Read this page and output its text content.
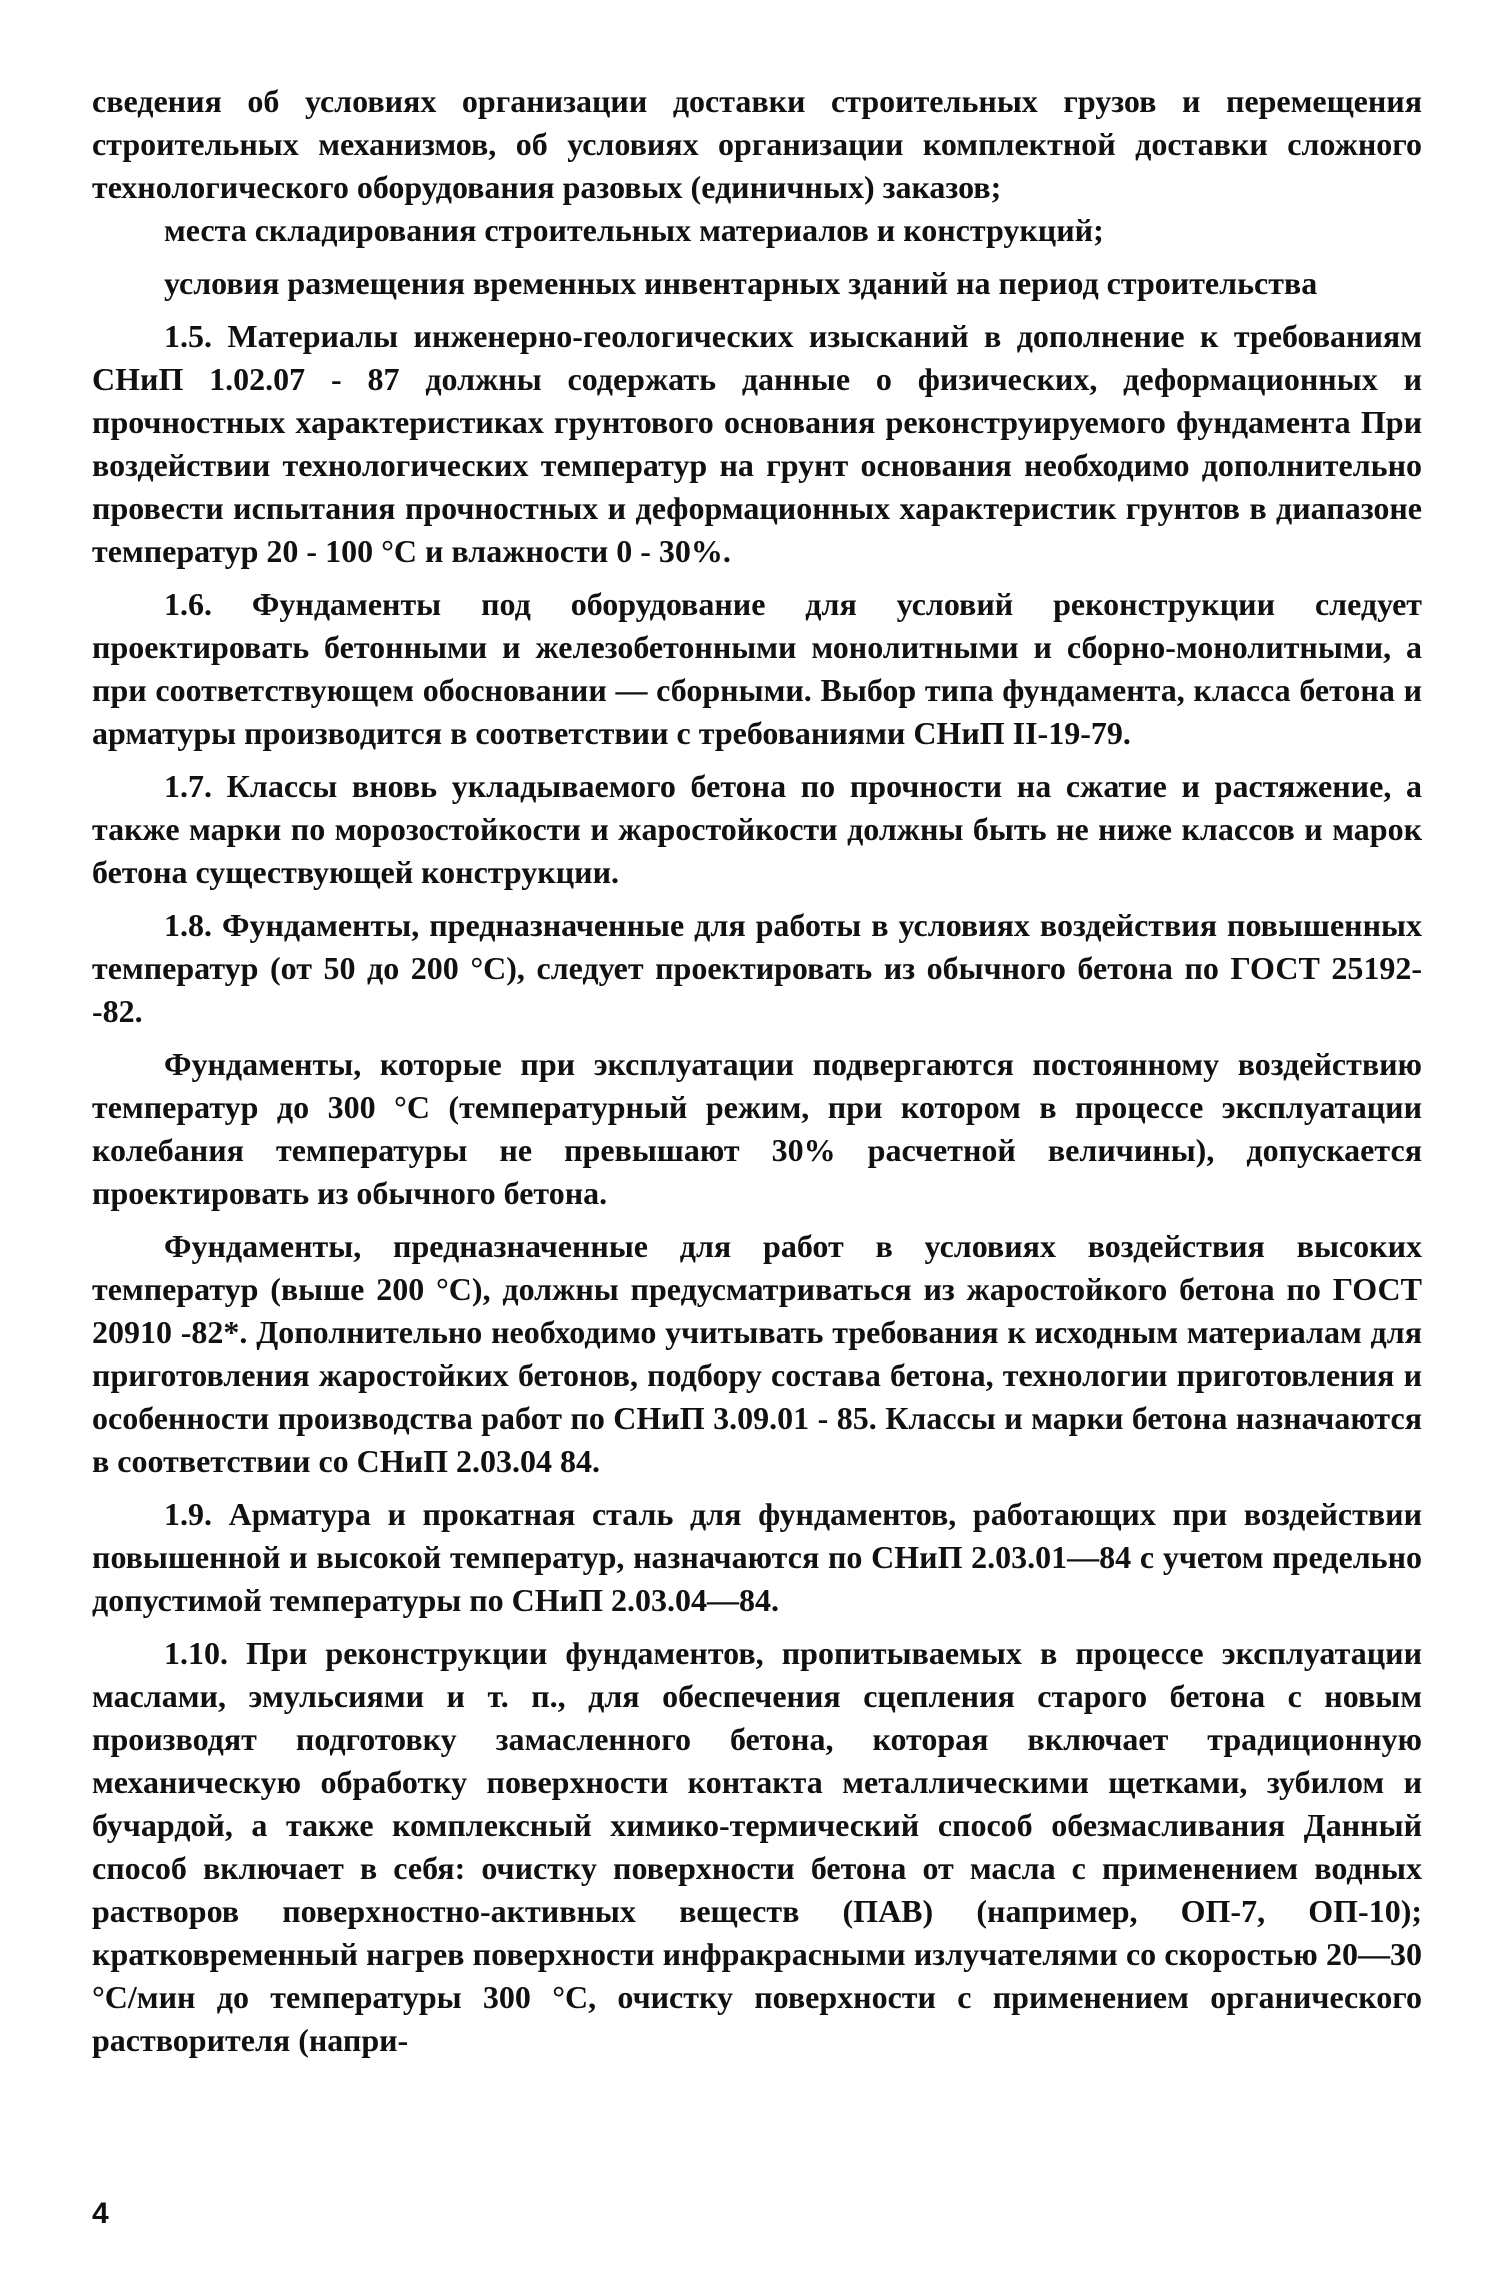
сведения об условиях организации доставки строительных грузов и перемещения строительных механизмов, об условиях организации комплектной доставки сложного технологического оборудования разовых (единичных) заказов;

места складирования строительных материалов и конструкций;

условия размещения временных инвентарных зданий на период строительства

1.5. Материалы инженерно-геологических изысканий в дополнение к требованиям СНиП 1.02.07 - 87 должны содержать данные о физических, деформационных и прочностных характеристиках грунтового основания реконструируемого фундамента При воздействии технологических температур на грунт основания необходимо дополнительно провести испытания прочностных и деформационных характеристик грунтов в диапазоне температур 20 - 100 °С и влажности 0 - 30%.

1.6. Фундаменты под оборудование для условий реконструкции следует проектировать бетонными и железобетонными монолитными и сборно-монолитными, а при соответствующем обосновании — сборными. Выбор типа фундамента, класса бетона и арматуры производится в соответствии с требованиями СНиП II-19-79.

1.7. Классы вновь укладываемого бетона по прочности на сжатие и растяжение, а также марки по морозостойкости и жаростойкости должны быть не ниже классов и марок бетона существующей конструкции.

1.8. Фундаменты, предназначенные для работы в условиях воздействия повышенных температур (от 50 до 200 °С), следует проектировать из обычного бетона по ГОСТ 25192--82.

Фундаменты, которые при эксплуатации подвергаются постоянному воздействию температур до 300 °С (температурный режим, при котором в процессе эксплуатации колебания температуры не превышают 30% расчетной величины), допускается проектировать из обычного бетона.

Фундаменты, предназначенные для работ в условиях воздействия высоких температур (выше 200 °С), должны предусматриваться из жаростойкого бетона по ГОСТ 20910 -82*. Дополнительно необходимо учитывать требования к исходным материалам для приготовления жаростойких бетонов, подбору состава бетона, технологии приготовления и особенности производства работ по СНиП 3.09.01 - 85. Классы и марки бетона назначаются в соответствии со СНиП 2.03.04 84.

1.9. Арматура и прокатная сталь для фундаментов, работающих при воздействии повышенной и высокой температур, назначаются по СНиП 2.03.01—84 с учетом предельно допустимой температуры по СНиП 2.03.04—84.

1.10. При реконструкции фундаментов, пропитываемых в процессе эксплуатации маслами, эмульсиями и т. п., для обеспечения сцепления старого бетона с новым производят подготовку замасленного бетона, которая включает традиционную механическую обработку поверхности контакта металлическими щетками, зубилом и бучардой, а также комплексный химико-термический способ обезмасливания Данный способ включает в себя: очистку поверхности бетона от масла с применением водных растворов поверхностно-активных веществ (ПАВ) (например, ОП-7, ОП-10); кратковременный нагрев поверхности инфракрасными излучателями со скоростью 20—30 °С/мин до температуры 300 °С, очистку поверхности с применением органического растворителя (напри-

4
